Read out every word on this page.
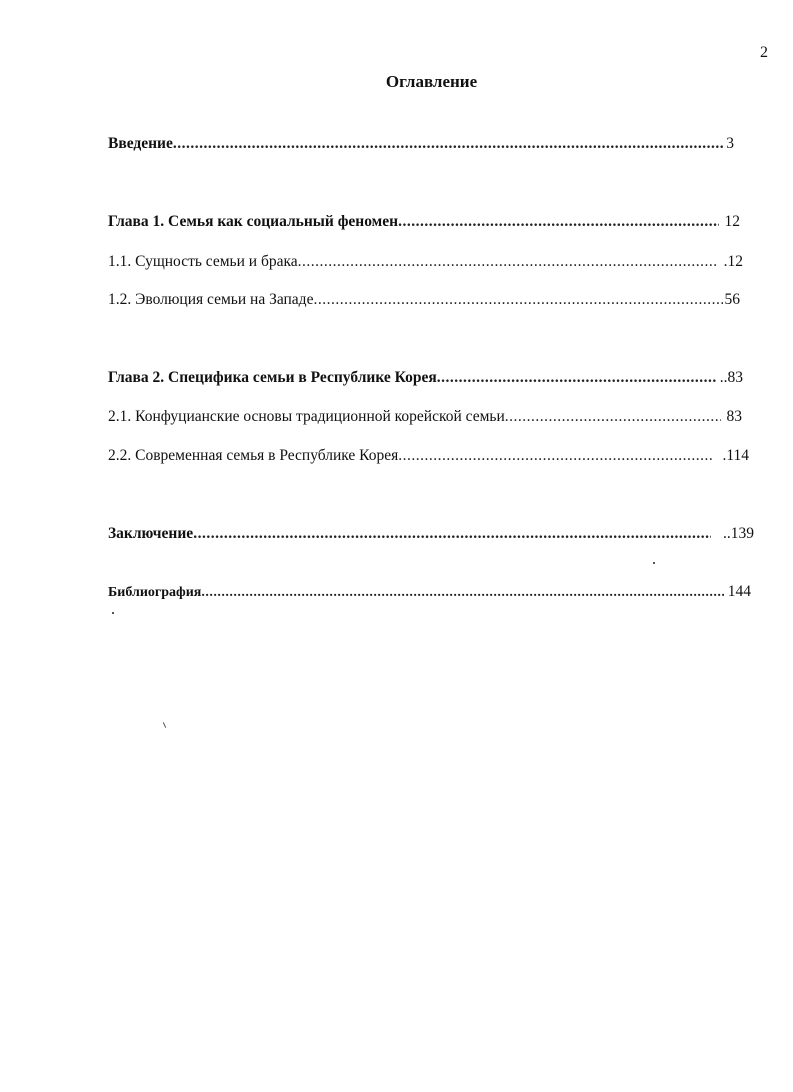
2
Оглавление
Введение .....	3
Глава 1. Семья как социальный феномен .....	12
1.1. Сущность семьи и брака .....	.12
1.2. Эволюция семьи на Западе .....	56
Глава 2. Специфика семьи в Республике Корея .....	..83
2.1. Конфуцианские основы традиционной корейской семьи .....	83
2.2. Современная семья в Республике Корея .....	.114
Заключение .....	..139
Библиография .....	144
